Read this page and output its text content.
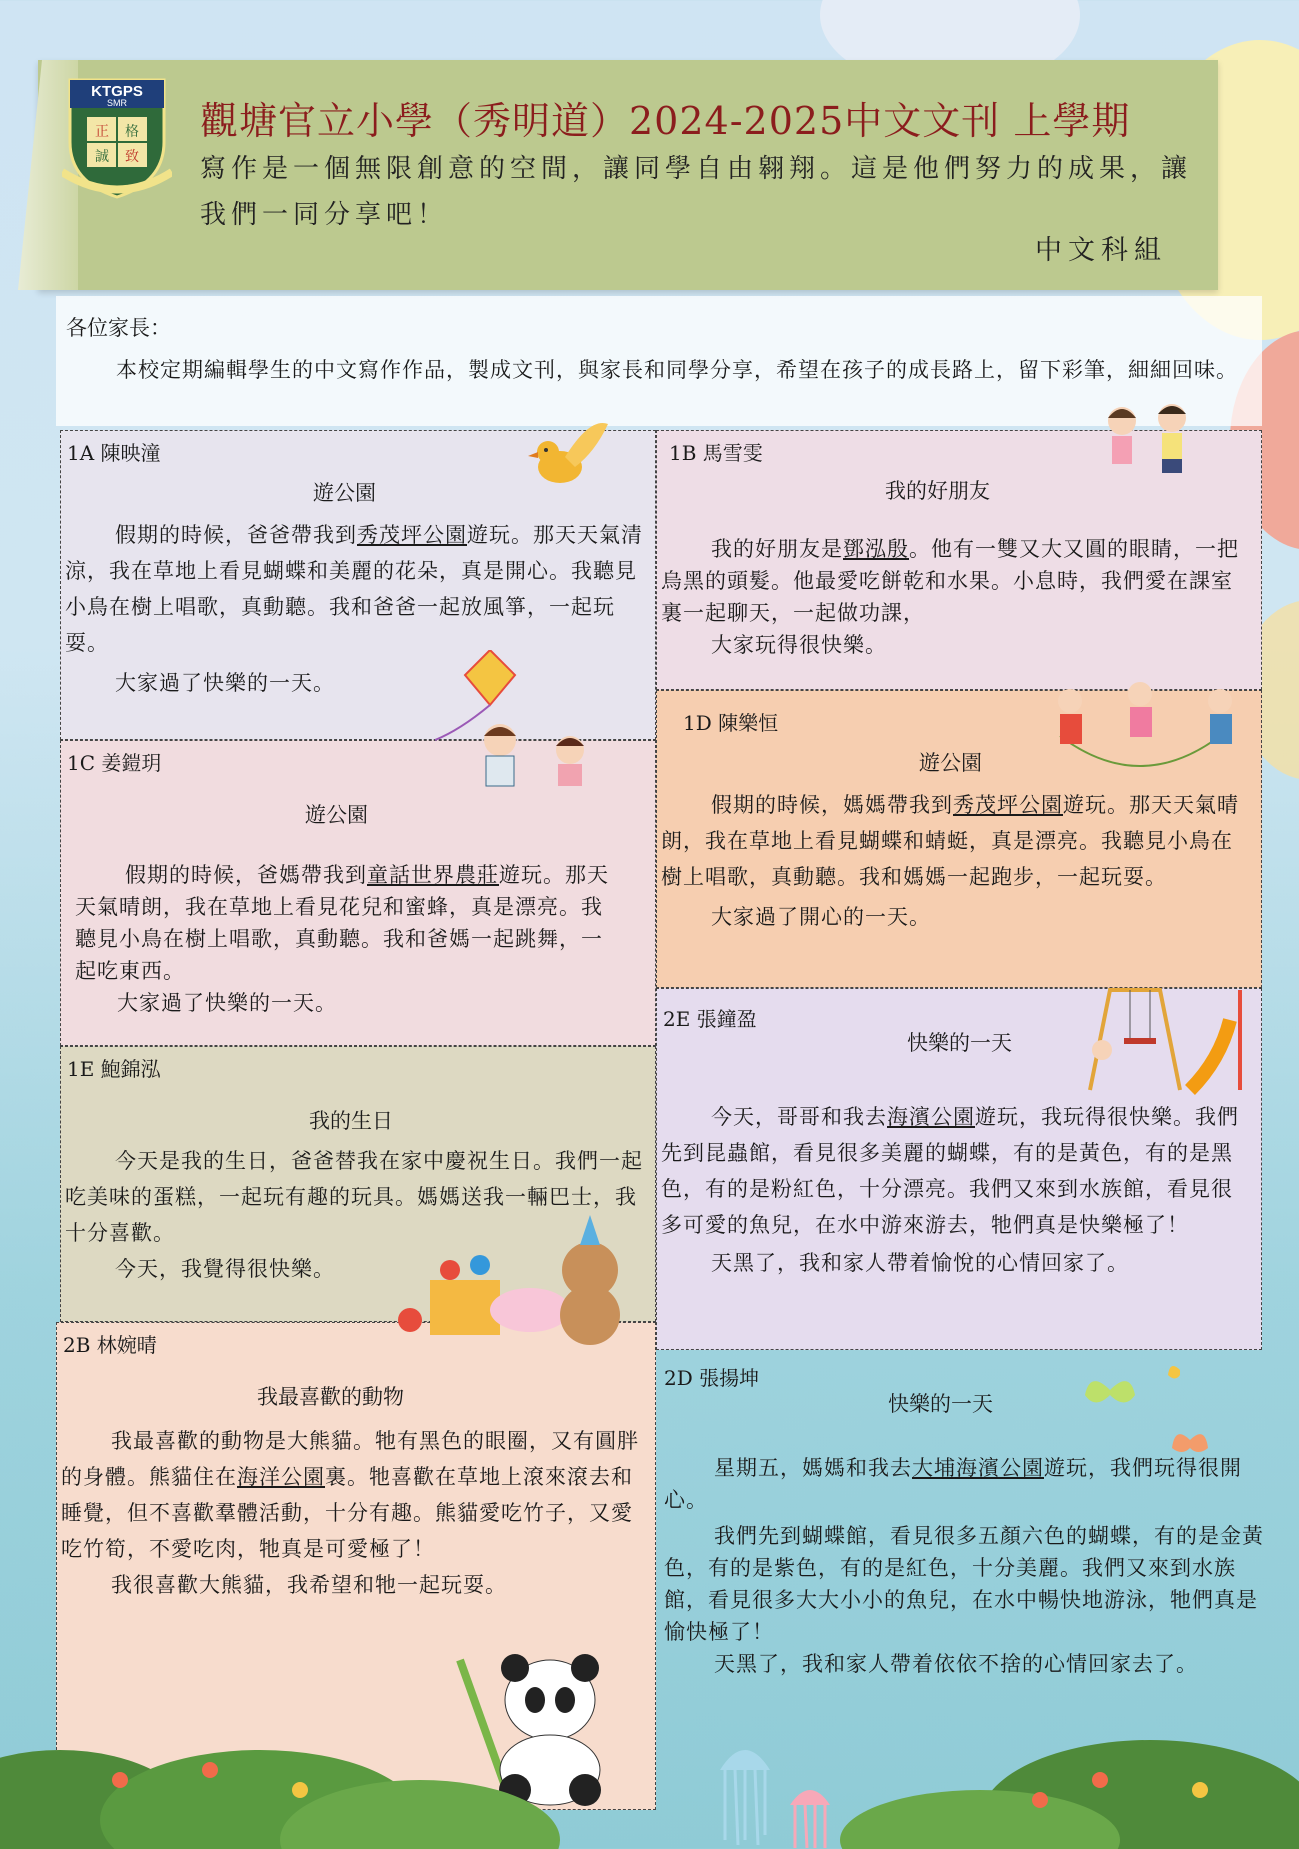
KTGPS
SMR
正 格
誠 致
觀塘官立小學（秀明道）2024-2025中文文刊 上學期
寫作是一個無限創意的空間，讓同學自由翱翔。這是他們努力的成果，讓我們一同分享吧！
中文科組
各位家長：
本校定期編輯學生的中文寫作作品，製成文刊，與家長和同學分享，希望在孩子的成長路上，留下彩筆，細細回味。
1A 陳映潼
遊公園
假期的時候，爸爸帶我到秀茂坪公園遊玩。那天天氣清涼，我在草地上看見蝴蝶和美麗的花朵，真是開心。我聽見小鳥在樹上唱歌，真動聽。我和爸爸一起放風箏，一起玩耍。
大家過了快樂的一天。
1B 馬雪雯
我的好朋友
我的好朋友是鄧泓殷。他有一雙又大又圓的眼睛，一把烏黑的頭髮。他最愛吃餅乾和水果。小息時，我們愛在課室裏一起聊天，一起做功課，
大家玩得很快樂。
1C 姜鎧玥
遊公園
假期的時候，爸媽帶我到童話世界農莊遊玩。那天天氣晴朗，我在草地上看見花兒和蜜蜂，真是漂亮。我聽見小鳥在樹上唱歌，真動聽。我和爸媽一起跳舞，一起吃東西。
大家過了快樂的一天。
1D 陳樂恒
遊公園
假期的時候，媽媽帶我到秀茂坪公園遊玩。那天天氣晴朗，我在草地上看見蝴蝶和蜻蜓，真是漂亮。我聽見小鳥在樹上唱歌，真動聽。我和媽媽一起跑步，一起玩耍。
大家過了開心的一天。
1E 鮑錦泓
我的生日
今天是我的生日，爸爸替我在家中慶祝生日。我們一起吃美味的蛋糕，一起玩有趣的玩具。媽媽送我一輛巴士，我十分喜歡。
今天，我覺得很快樂。
2E 張鐘盈
快樂的一天
今天，哥哥和我去海濱公園遊玩，我玩得很快樂。我們先到昆蟲館，看見很多美麗的蝴蝶，有的是黃色，有的是黑色，有的是粉紅色，十分漂亮。我們又來到水族館，看見很多可愛的魚兒，在水中游來游去，牠們真是快樂極了！
天黑了，我和家人帶着愉悅的心情回家了。
2B 林婉晴
我最喜歡的動物
我最喜歡的動物是大熊貓。牠有黑色的眼圈，又有圓胖的身體。熊貓住在海洋公園裏。牠喜歡在草地上滾來滾去和睡覺，但不喜歡羣體活動，十分有趣。熊貓愛吃竹子，又愛吃竹筍，不愛吃肉，牠真是可愛極了！
我很喜歡大熊貓，我希望和牠一起玩耍。
2D 張揚坤
快樂的一天
星期五，媽媽和我去大埔海濱公園遊玩，我們玩得很開心。
我們先到蝴蝶館，看見很多五顏六色的蝴蝶，有的是金黃色，有的是紫色，有的是紅色，十分美麗。我們又來到水族館，看見很多大大小小的魚兒，在水中暢快地游泳，牠們真是愉快極了！
天黑了，我和家人帶着依依不捨的心情回家去了。
